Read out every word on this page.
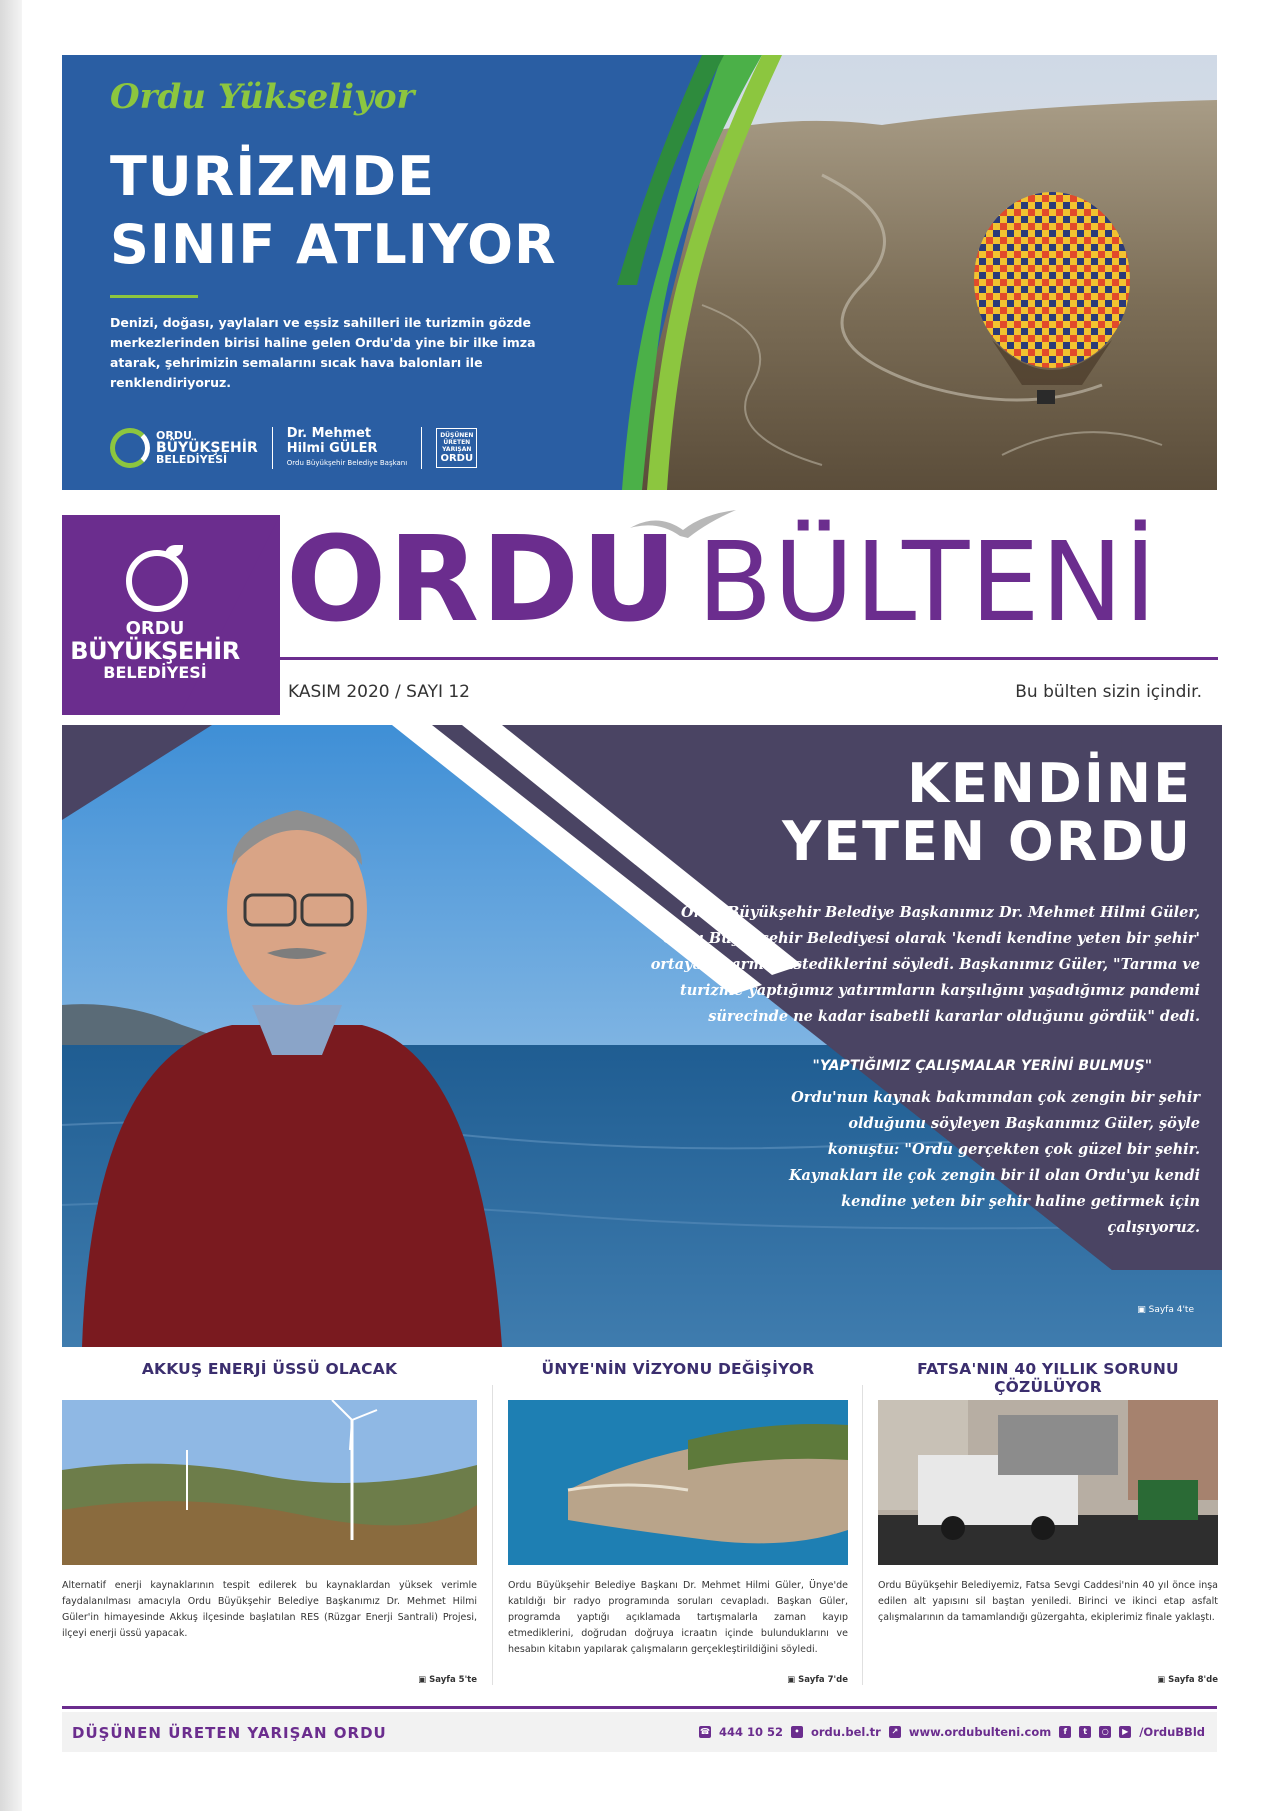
Ordu Yükseliyor
TURİZMDE
SINIF ATLIYOR
Denizi, doğası, yaylaları ve eşsiz sahilleri ile turizmin gözde merkezlerinden birisi haline gelen Ordu'da yine bir ilke imza atarak, şehrimizin semalarını sıcak hava balonları ile renklendiriyoruz.
ORDU
BÜYÜKŞEHİR
BELEDİYESİ
Dr. Mehmet
Hilmi GÜLER
Ordu Büyükşehir Belediye Başkanı
DÜŞÜNEN
ÜRETEN
YARIŞAN
ORDU
ORDU
BÜYÜKŞEHİR
BELEDİYESİ
ORDU BÜLTENİ
KASIM 2020 / SAYI 12	Bu bülten sizin içindir.
KENDİNE
YETEN ORDU
Ordu Büyükşehir Belediye Başkanımız Dr. Mehmet Hilmi Güler, Ordu Büyükşehir Belediyesi olarak 'kendi kendine yeten bir şehir' ortaya çıkarmak istediklerini söyledi. Başkanımız Güler, "Tarıma ve turizme yaptığımız yatırımların karşılığını yaşadığımız pandemi sürecinde ne kadar isabetli kararlar olduğunu gördük" dedi.
"YAPTIĞIMIZ ÇALIŞMALAR YERİNİ BULMUŞ"
Ordu'nun kaynak bakımından çok zengin bir şehir olduğunu söyleyen Başkanımız Güler, şöyle konuştu: "Ordu gerçekten çok güzel bir şehir. Kaynakları ile çok zengin bir il olan Ordu'yu kendi kendine yeten bir şehir haline getirmek için çalışıyoruz.
▣ Sayfa 4'te
AKKUŞ ENERJİ ÜSSÜ OLACAK

Alternatif enerji kaynaklarının tespit edilerek bu kaynaklardan yüksek verimle faydalanılması amacıyla Ordu Büyükşehir Belediye Başkanımız Dr. Mehmet Hilmi Güler'in himayesinde Akkuş ilçesinde başlatılan RES (Rüzgar Enerji Santrali) Projesi, ilçeyi enerji üssü yapacak.

▣ Sayfa 5'te
ÜNYE'NİN VİZYONU DEĞİŞİYOR

Ordu Büyükşehir Belediye Başkanı Dr. Mehmet Hilmi Güler, Ünye'de katıldığı bir radyo programında soruları cevapladı. Başkan Güler, programda yaptığı açıklamada tartışmalarla zaman kayıp etmediklerini, doğrudan doğruya icraatın içinde bulunduklarını ve hesabın kitabın yapılarak çalışmaların gerçekleştirildiğini söyledi.

▣ Sayfa 7'de
FATSA'NIN 40 YILLIK SORUNU ÇÖZÜLÜYOR

Ordu Büyükşehir Belediyemiz, Fatsa Sevgi Caddesi'nin 40 yıl önce inşa edilen alt yapısını sil baştan yeniledi. Birinci ve ikinci etap asfalt çalışmalarının da tamamlandığı güzergahta, ekiplerimiz finale yaklaştı.

▣ Sayfa 8'de
DÜŞÜNEN ÜRETEN YARIŞAN ORDU	☎ 444 10 52	• ordu.bel.tr	↗ www.ordubulteni.com	f	t	○	▶ /OrduBBld
